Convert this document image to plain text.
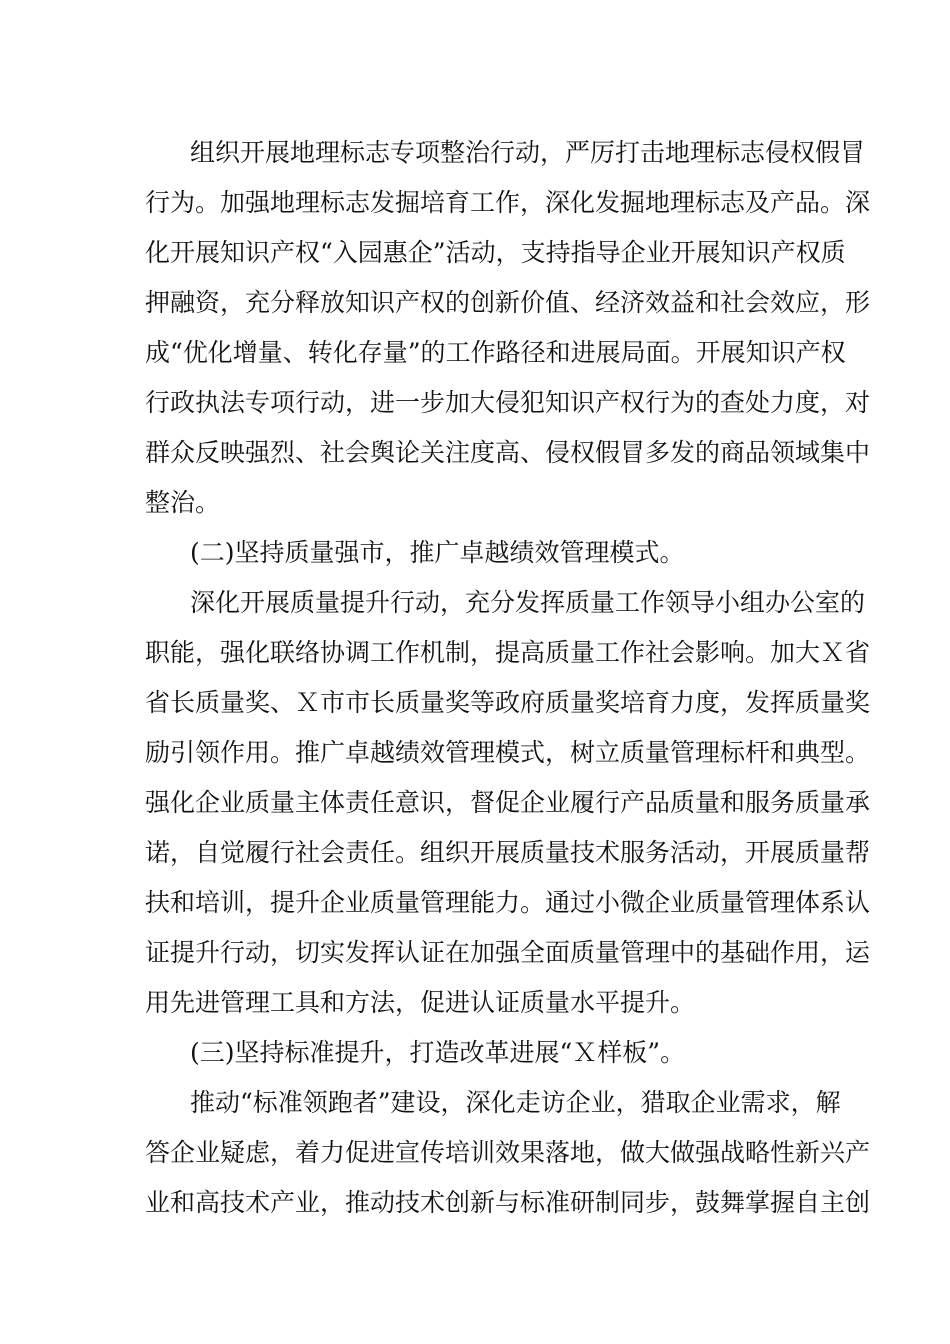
组织开展地理标志专项整治行动，严厉打击地理标志侵权假冒
行为。加强地理标志发掘培育工作，深化发掘地理标志及产品。深
化开展知识产权“入园惠企”活动，支持指导企业开展知识产权质
押融资，充分释放知识产权的创新价值、经济效益和社会效应，形
成“优化增量、转化存量”的工作路径和进展局面。开展知识产权
行政执法专项行动，进一步加大侵犯知识产权行为的查处力度，对
群众反映强烈、社会舆论关注度高、侵权假冒多发的商品领域集中
整治。
(二)坚持质量强市，推广卓越绩效管理模式。
深化开展质量提升行动，充分发挥质量工作领导小组办公室的
职能，强化联络协调工作机制，提高质量工作社会影响。加大Ｘ省
省长质量奖、Ｘ市市长质量奖等政府质量奖培育力度，发挥质量奖
励引领作用。推广卓越绩效管理模式，树立质量管理标杆和典型。
强化企业质量主体责任意识，督促企业履行产品质量和服务质量承
诺，自觉履行社会责任。组织开展质量技术服务活动，开展质量帮
扶和培训，提升企业质量管理能力。通过小微企业质量管理体系认
证提升行动，切实发挥认证在加强全面质量管理中的基础作用，运
用先进管理工具和方法，促进认证质量水平提升。
(三)坚持标准提升，打造改革进展“Ｘ样板”。
推动“标准领跑者”建设，深化走访企业，猎取企业需求，解
答企业疑虑，着力促进宣传培训效果落地，做大做强战略性新兴产
业和高技术产业，推动技术创新与标准研制同步，鼓舞掌握自主创
